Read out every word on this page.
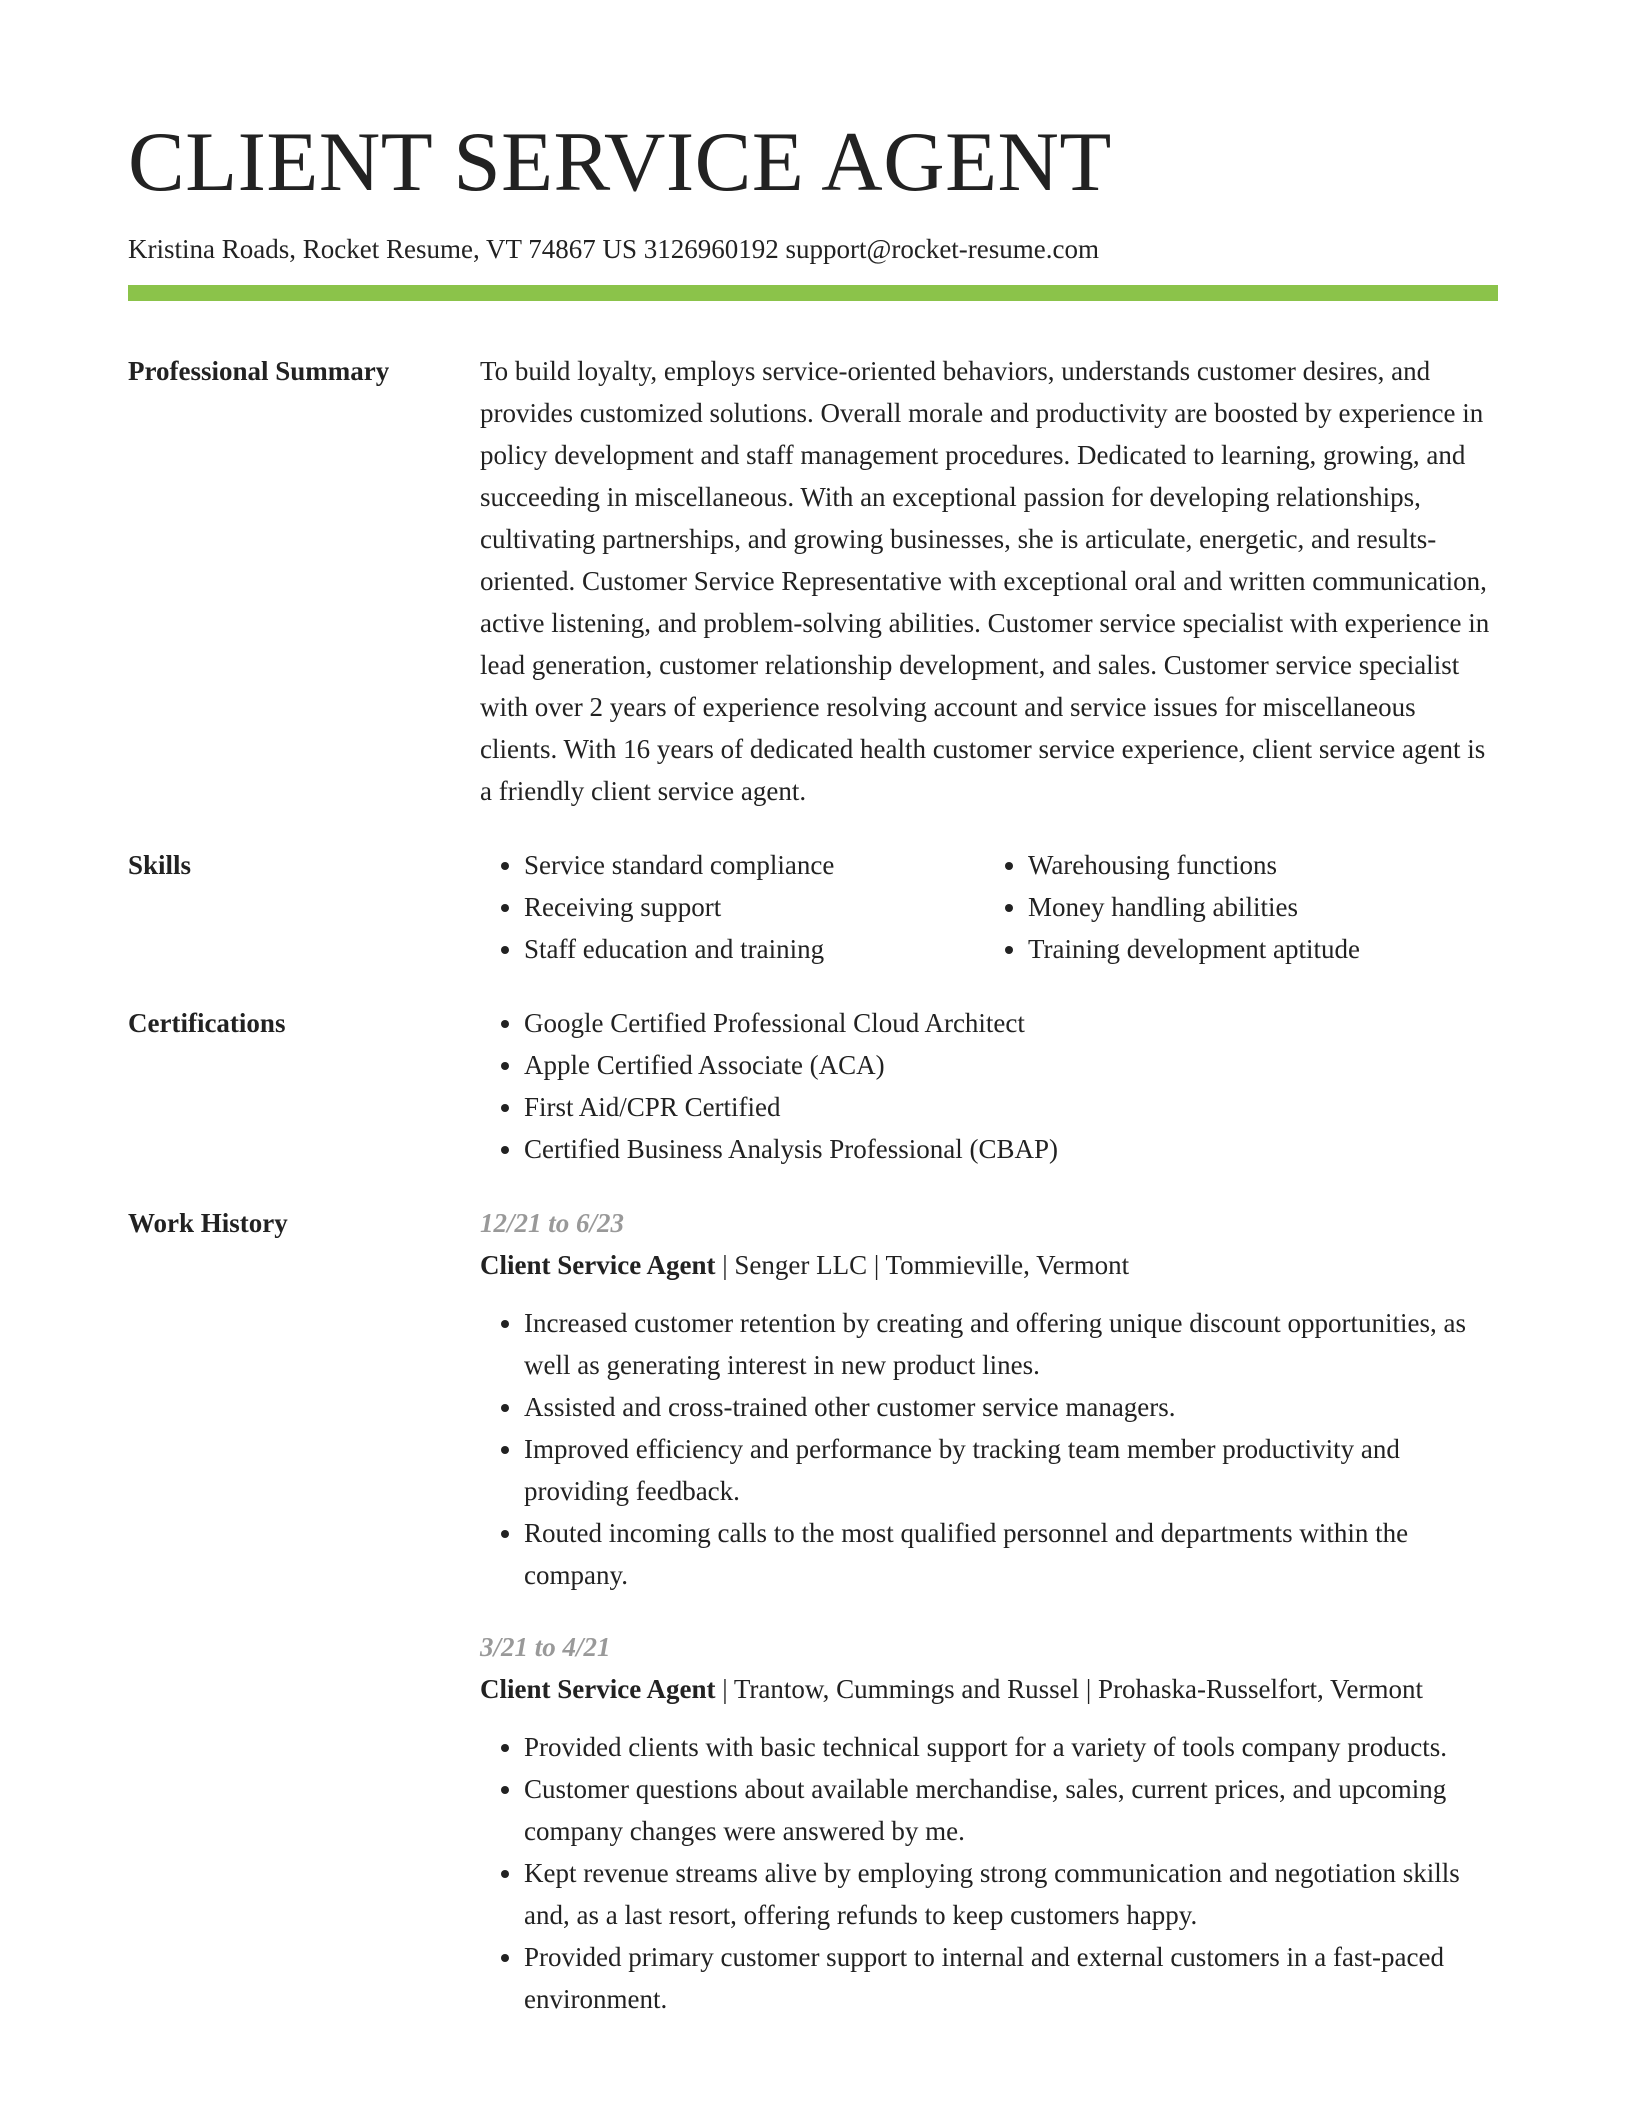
CLIENT SERVICE AGENT
Kristina Roads, Rocket Resume, VT 74867 US 3126960192 support@rocket-resume.com
Professional Summary	To build loyalty, employs service-oriented behaviors, understands customer desires, and provides customized solutions. Overall morale and productivity are boosted by experience in policy development and staff management procedures. Dedicated to learning, growing, and succeeding in miscellaneous. With an exceptional passion for developing relationships, cultivating partnerships, and growing businesses, she is articulate, energetic, and results-oriented. Customer Service Representative with exceptional oral and written communication, active listening, and problem-solving abilities. Customer service specialist with experience in lead generation, customer relationship development, and sales. Customer service specialist with over 2 years of experience resolving account and service issues for miscellaneous clients. With 16 years of dedicated health customer service experience, client service agent is a friendly client service agent.

Skills	• Service standard compliance
• Receiving support
• Staff education and training
• Warehousing functions
• Money handling abilities
• Training development aptitude
Certifications	• Google Certified Professional Cloud Architect
• Apple Certified Associate (ACA)
• First Aid/CPR Certified
• Certified Business Analysis Professional (CBAP)
Work History	12/21 to 6/23
Client Service Agent | Senger LLC | Tommieville, Vermont
• Increased customer retention by creating and offering unique discount opportunities, as well as generating interest in new product lines.
• Assisted and cross-trained other customer service managers.
• Improved efficiency and performance by tracking team member productivity and providing feedback.
• Routed incoming calls to the most qualified personnel and departments within the company.
3/21 to 4/21
Client Service Agent | Trantow, Cummings and Russel | Prohaska-Russelfort, Vermont
• Provided clients with basic technical support for a variety of tools company products.
• Customer questions about available merchandise, sales, current prices, and upcoming company changes were answered by me.
• Kept revenue streams alive by employing strong communication and negotiation skills and, as a last resort, offering refunds to keep customers happy.
• Provided primary customer support to internal and external customers in a fast-paced environment.
